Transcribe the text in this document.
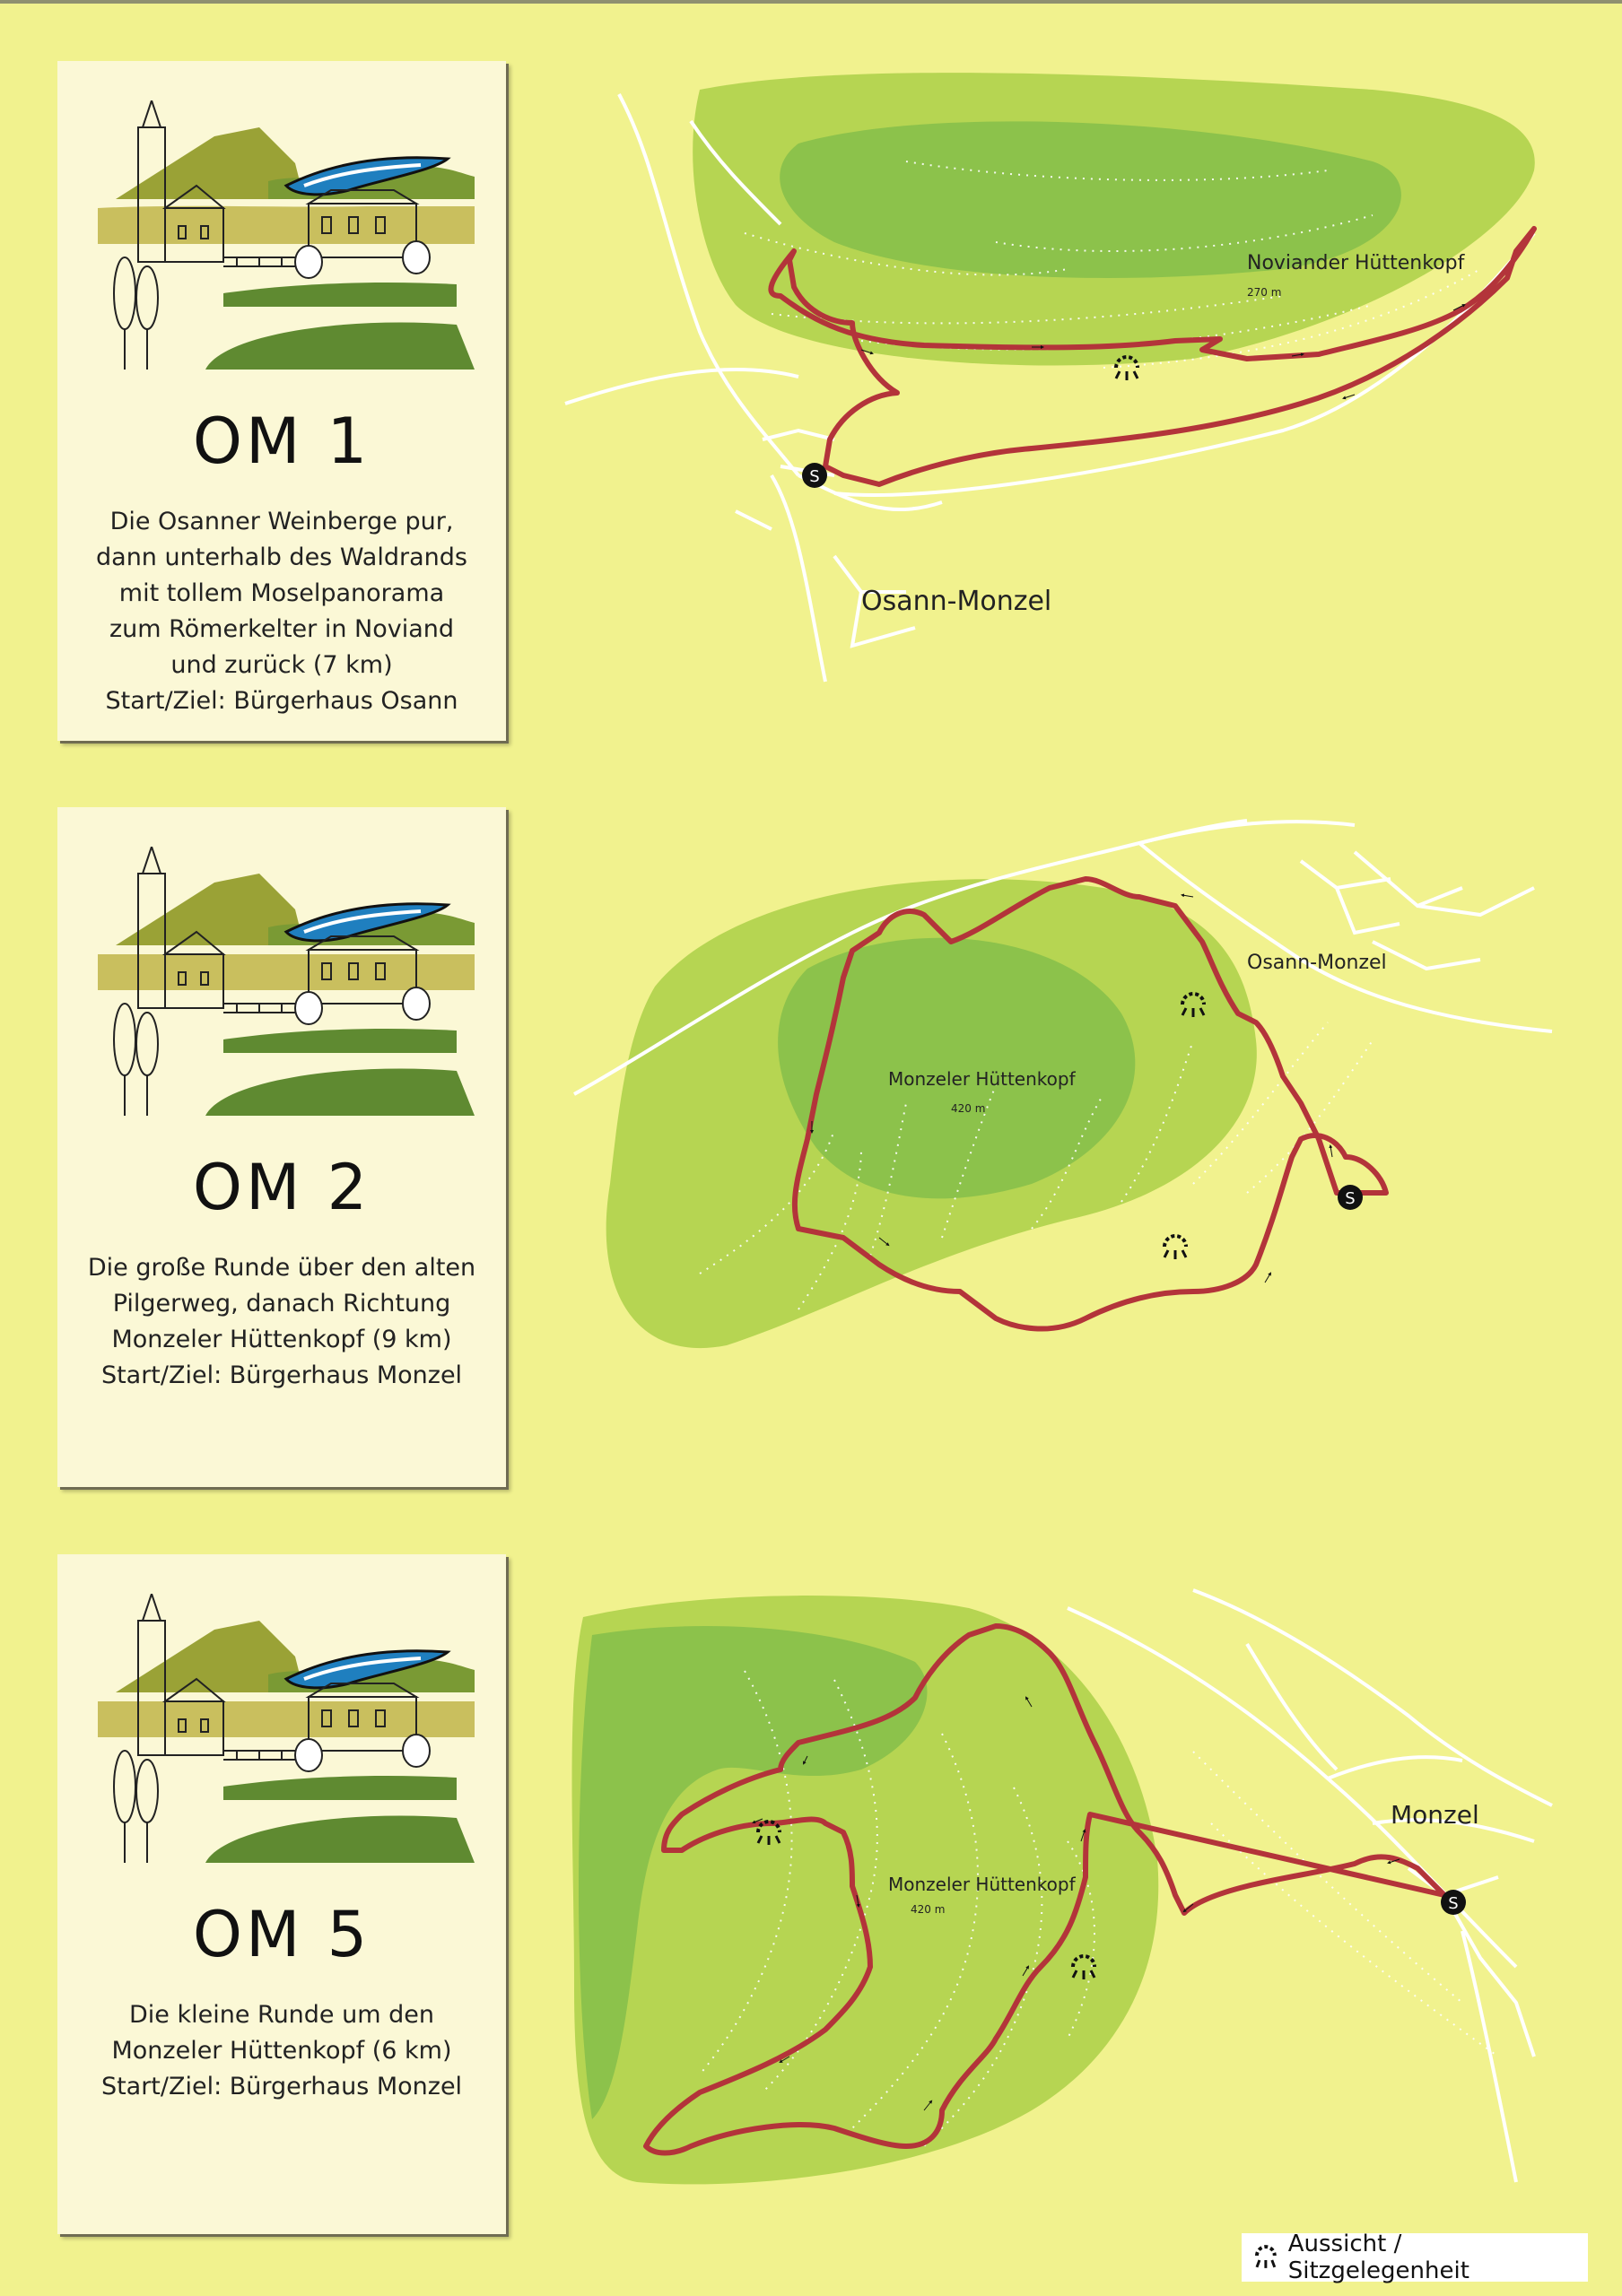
OM 1
Die Osanner Weinberge pur,
dann unterhalb des Waldrands
mit tollem Moselpanorama
zum Römerkelter in Noviand
und zurück (7 km)
Start/Ziel: Bürgerhaus Osann
OM 2
Die große Runde über den alten
Pilgerweg, danach Richtung
Monzeler Hüttenkopf (9 km)
Start/Ziel: Bürgerhaus Monzel
OM 5
Die kleine Runde um den
Monzeler Hüttenkopf (6 km)
Start/Ziel: Bürgerhaus Monzel
S
Noviander Hüttenkopf
270 m
Osann-Monzel
S
Monzeler Hüttenkopf
420 m
Osann-Monzel
S
Monzeler Hüttenkopf
420 m
Monzel
Aussicht / Sitzgelegenheit
